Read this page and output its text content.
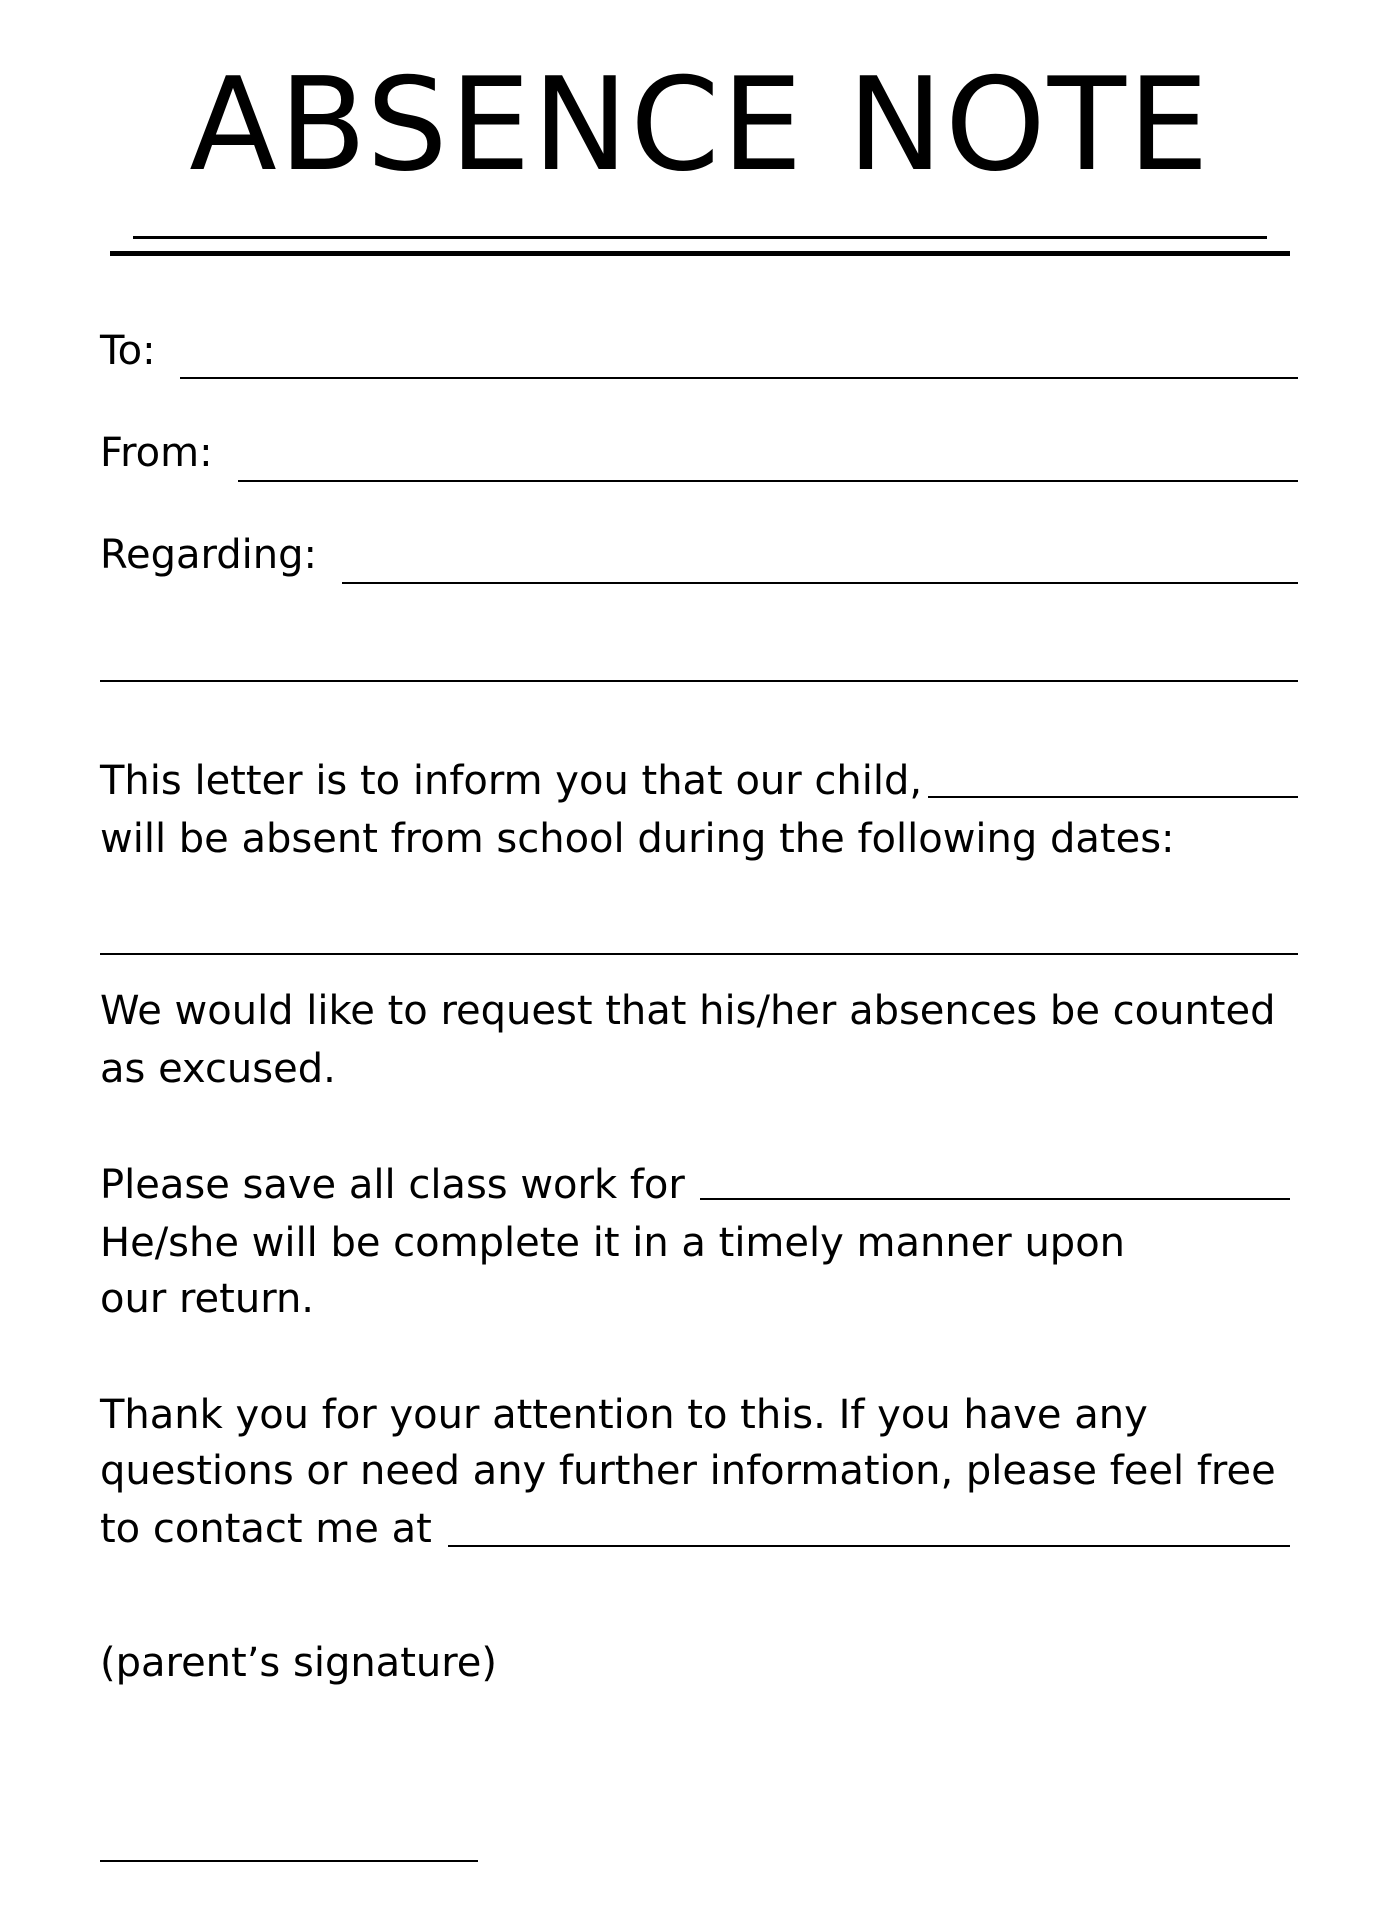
ABSENCE NOTE
To:
From:
Regarding:
This letter is to inform you that our child,
will be absent from school during the following dates:
We would like to request that his/her absences be counted
as excused.
Please save all class work for
He/she will be complete it in a timely manner upon
our return.
Thank you for your attention to this. If you have any
questions or need any further information, please feel free
to contact me at
(parent’s signature)
